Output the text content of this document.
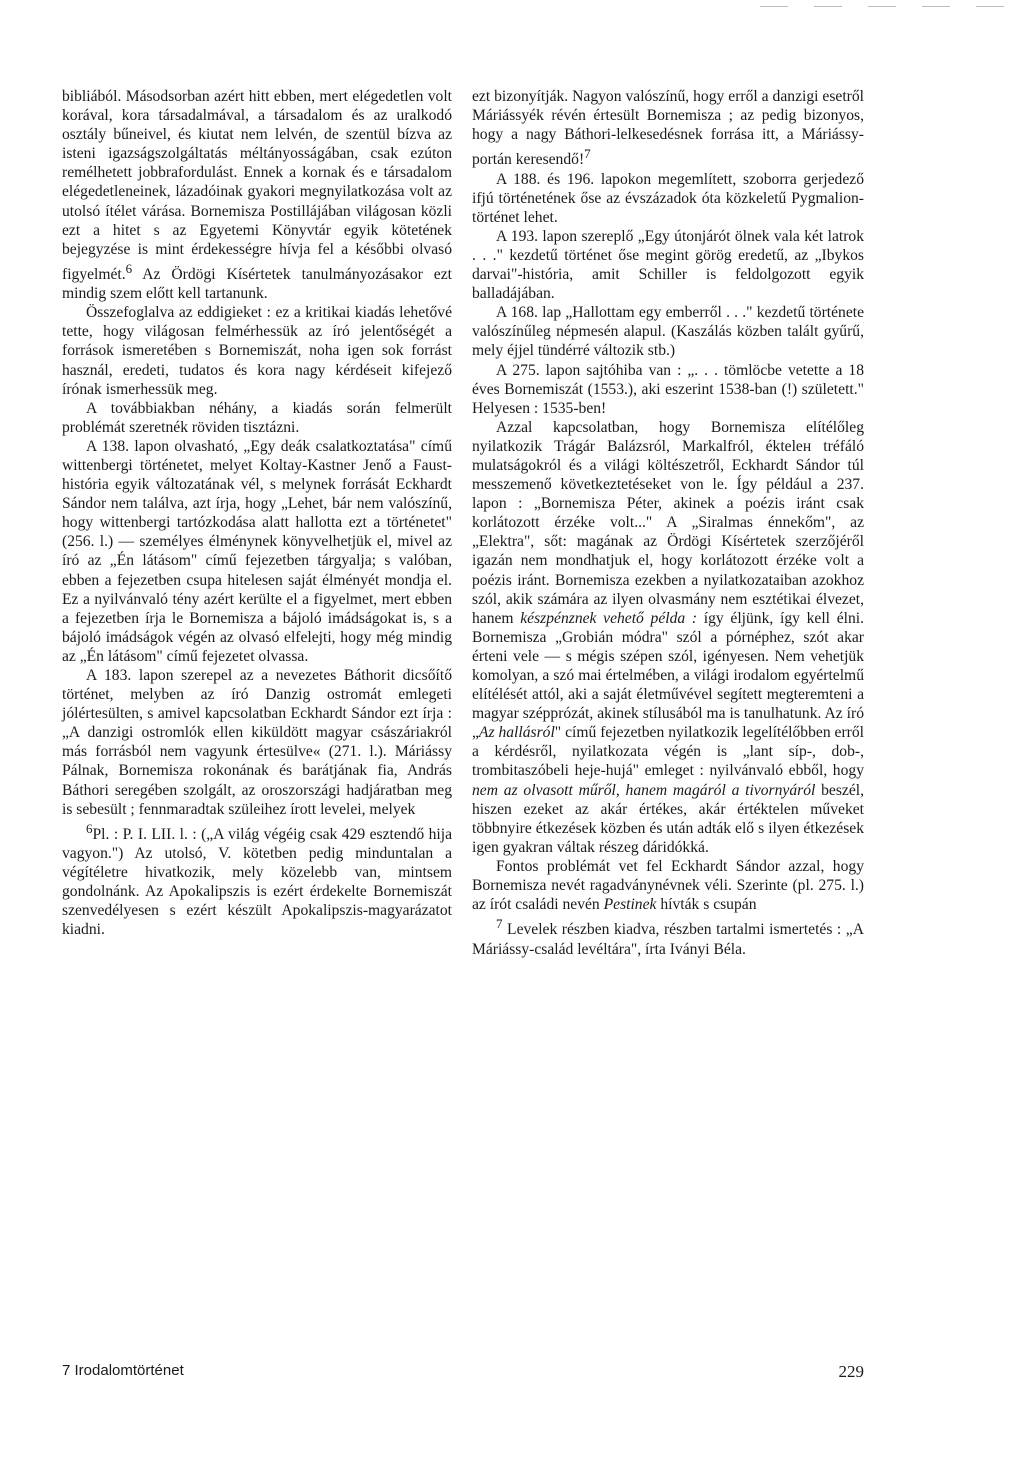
bibliából. Másodsorban azért hitt ebben, mert elégedetlen volt korával, kora társadalmával, a társadalom és az uralkodó osztály bűneivel, és kiutat nem lelvén, de szentül bízva az isteni igazságszolgáltatás méltányosságában, csak ezúton remélhetett jobbrafordulást. Ennek a kornak és e társadalom elégedetleneinek, lázadóinak gyakori megnyilatkozása volt az utolsó ítélet várása. Bornemisza Postillájában világosan közli ezt a hitet s az Egyetemi Könyvtár egyik kötetének bejegyzése is mint érdekességre hívja fel a későbbi olvasó figyelmét.$^6$ Az Ördögi Kísértetek tanulmányozásakor ezt mindig szem előtt kell tartanunk.

Összefoglalva az eddigieket : ez a kritikai kiadás lehetővé tette, hogy világosan felmérhessük az író jelentőségét a források ismeretében s Bornemiszát, noha igen sok forrást használ, eredeti, tudatos és kora nagy kérdéseit kifejező írónak ismerhessük meg.

A továbbiakban néhány, a kiadás során felmerült problémát szeretnék röviden tisztázni.

A 138. lapon olvasható, „Egy deák csalatkoztatása" című wittenbergi történetet, melyet Koltay-Kastner Jenő a Faust-história egyik változatának vél, s melynek forrását Eckhardt Sándor nem találva, azt írja, hogy „Lehet, bár nem valószínű, hogy wittenbergi tartózkodása alatt hallotta ezt a történetet" (256. l.) — személyes élménynek könyvelhetjük el, mivel az író az „Én látásom" című fejezetben tárgyalja; s valóban, ebben a fejezetben csupa hitelesen saját élményét mondja el. Ez a nyilvánvaló tény azért kerülte el a figyelmet, mert ebben a fejezetben írja le Bornemisza a bájoló imádságokat is, s a bájoló imádságok végén az olvasó elfelejti, hogy még mindig az „Én látásom" című fejezetet olvassa.

A 183. lapon szerepel az a nevezetes Báthorit dicsőítő történet, melyben az író Danzig ostromát emlegeti jólértesülten, s amivel kapcsolatban Eckhardt Sándor ezt írja : „A danzigi ostromlók ellen kiküldött magyar császáriakról más forrásból nem vagyunk értesülve« (271. l.). Máriássy Pálnak, Bornemisza rokonának és barátjának fia, András Báthori seregében szolgált, az oroszországi hadjáratban meg is sebesült ; fennmaradtak szüleihez írott levelei, melyek

$^6$Pl. : P. I. LII. l. : („A világ végéig csak 429 esztendő hija vagyon.") Az utolsó, V. kötetben pedig minduntalan a végítéletre hivatkozik, mely közelebb van, mintsem gondolnánk. Az Apokalipszis is ezért érdekelte Bornemiszát szenvedélyesen s ezért készült Apokalipszis-magyarázatot kiadni.

ezt bizonyítják. Nagyon valószínű, hogy erről a danzigi esetről Máriássyék révén értesült Bornemisza ; az pedig bizonyos, hogy a nagy Báthori-lelkesedésnek forrása itt, a Máriássy-portán keresendő!$^7$

A 188. és 196. lapokon megemlített, szoborra gerjedező ifjú történetének őse az évszázadok óta közkeletű Pygmalion-történet lehet.

A 193. lapon szereplő „Egy útonjárót ölnek vala két latrok . . ." kezdetű történet őse megint görög eredetű, az „Ibykos darvai"-história, amit Schiller is feldolgozott egyik balladájában.

A 168. lap „Hallottam egy emberről . . ." kezdetű története valószínűleg népmesén alapul. (Kaszálás közben talált gyűrű, mely éjjel tündérré változik stb.)

A 275. lapon sajtóhiba van : „. . . tömlöcbe vetette a 18 éves Bornemiszát (1553.), aki eszerint 1538-ban (!) született." Helyesen : 1535-ben!

Azzal kapcsolatban, hogy Bornemisza elítélőleg nyilatkozik Trágár Balázsról, Markalfról, ékteleн tréfáló mulatságokról és a világi költészetről, Eckhardt Sándor túl messzemenő következtetéseket von le. Így például a 237. lapon : „Bornemisza Péter, akinek a poézis iránt csak korlátozott érzéke volt..." A „Siralmas énnekőm", az „Elektra", sőt: magának az Ördögi Kísértetek szerzőjéről igazán nem mondhatjuk el, hogy korlátozott érzéke volt a poézis iránt. Bornemisza ezekben a nyilatkozataiban azokhoz szól, akik számára az ilyen olvasmány nem esztétikai élvezet, hanem készpénznek vehető példa : így éljünk, így kell élni. Bornemisza „Grobián módra" szól a pórnéphez, szót akar érteni vele — s mégis szépen szól, igényesen. Nem vehetjük komolyan, a szó mai értelmében, a világi irodalom egyértelmű elítélését attól, aki a saját életművével segített megteremteni a magyar szépprózát, akinek stílusából ma is tanulhatunk. Az író „Az hallásról" című fejezetben nyilatkozik legelítélőbben erről a kérdésről, nyilatkozata végén is „lant síp-, dob-, trombitaszóbeli heje-hujá" emleget : nyilvánvaló ebből, hogy nem az olvasott műről, hanem magáról a tivornyáról beszél, hiszen ezeket az akár értékes, akár értéktelen műveket többnyire étkezések közben és után adták elő s ilyen étkezések igen gyakran váltak részeg dáridókká.

Fontos problémát vet fel Eckhardt Sándor azzal, hogy Bornemisza nevét ragadványnévnek véli. Szerinte (pl. 275. l.) az írót családi nevén Pestinek hívták s csupán

$^7$ Levelek részben kiadva, részben tartalmi ismertetés : „A Máriássy-család levéltára", írta Iványi Béla.

7 Irodalomtörténet	229
